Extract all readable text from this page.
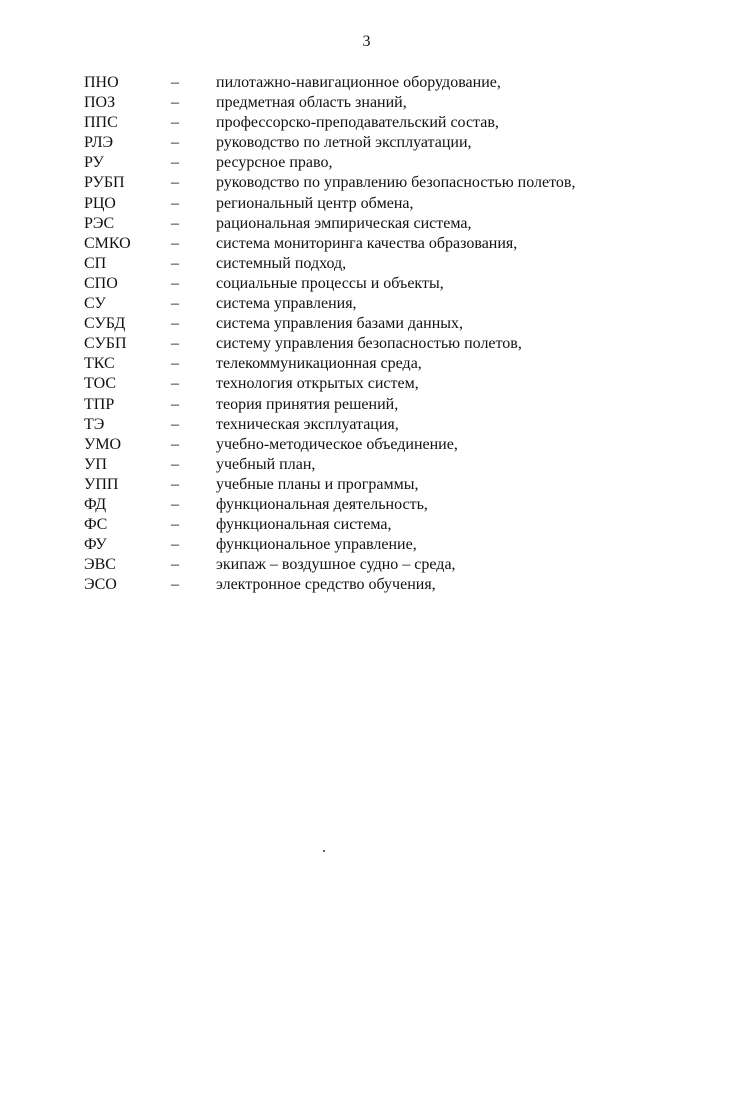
3
ПНО	– пилотажно-навигационное оборудование,
ПОЗ	– предметная область знаний,
ППС	– профессорско-преподавательский состав,
РЛЭ	– руководство по летной эксплуатации,
РУ	– ресурсное право,
РУБП	– руководство по управлению безопасностью полетов,
РЦО	– региональный центр обмена,
РЭС	– рациональная эмпирическая система,
СМКО	– система мониторинга качества образования,
СП	– системный подход,
СПО	– социальные процессы и объекты,
СУ	– система управления,
СУБД	– система управления базами данных,
СУБП	– систему управления безопасностью полетов,
ТКС	– телекоммуникационная среда,
ТОС	– технология открытых систем,
ТПР	– теория принятия решений,
ТЭ	– техническая эксплуатация,
УМО	– учебно-методическое объединение,
УП	– учебный план,
УПП	– учебные планы и программы,
ФД	– функциональная деятельность,
ФС	– функциональная система,
ФУ	– функциональное управление,
ЭВС	– экипаж – воздушное судно – среда,
ЭСО	– электронное средство обучения,
